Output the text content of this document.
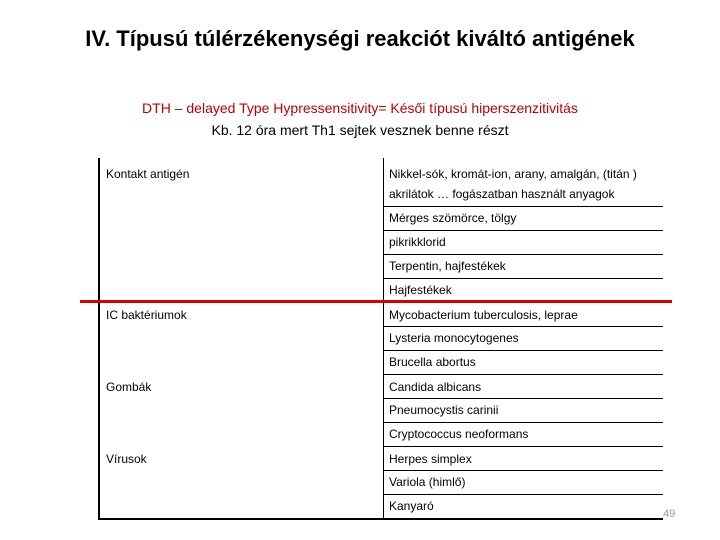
IV. Típusú túlérzékenységi reakciót kiváltó antigének
DTH – delayed Type Hypressensitivity= Késői típusú hiperszenzitivitás
Kb. 12 óra mert Th1 sejtek vesznek benne részt
Kontakt antigén
IC baktériumok
Gombák
Vírusok
Nikkel-sók, kromát-ion, arany, amalgán, (titán ) akrilátok … fogászatban használt anyagok
Mérges szömörce, tölgy
pikrikklorid
Terpentin, hajfestékek
Hajfestékek
Mycobacterium tuberculosis, leprae
Lysteria monocytogenes
Brucella abortus
Candida albicans
Pneumocystis carinii
Cryptococcus neoformans
Herpes simplex
Variola (himlő)
Kanyaró
49
